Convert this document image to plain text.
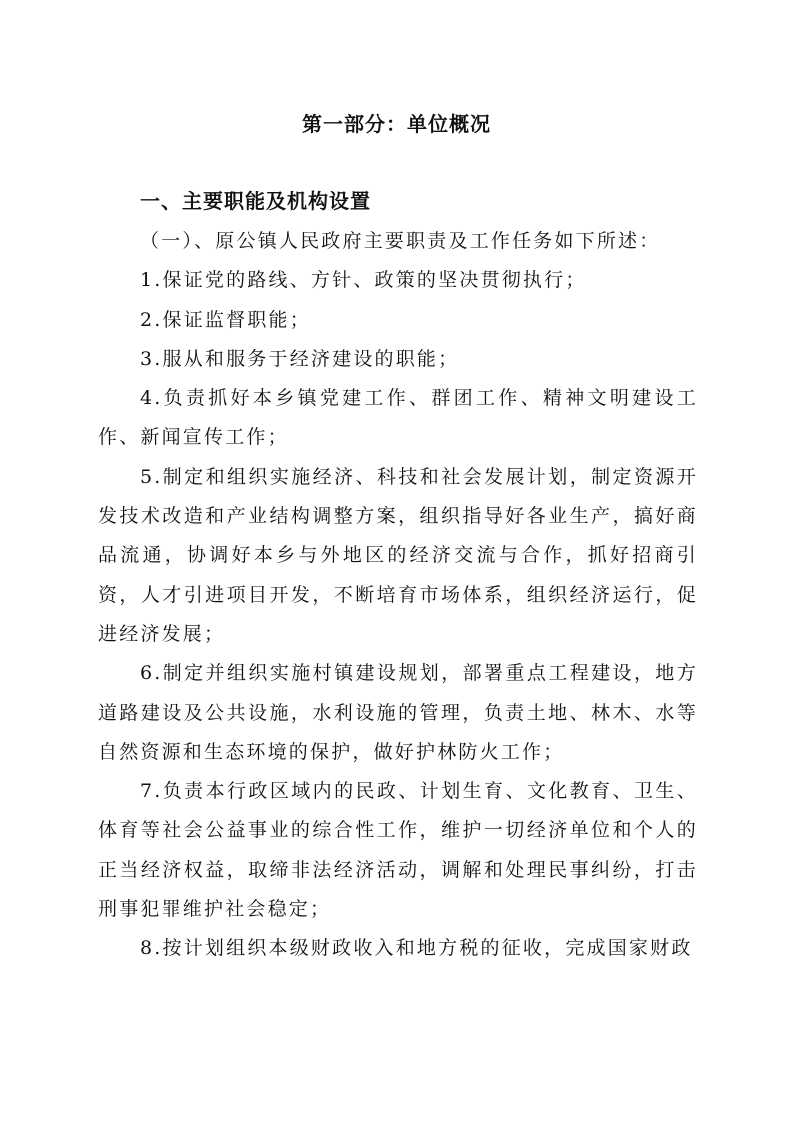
第一部分：单位概况
一、主要职能及机构设置

（一）、原公镇人民政府主要职责及工作任务如下所述：

1.保证党的路线、方针、政策的坚决贯彻执行；

2.保证监督职能；

3.服从和服务于经济建设的职能；

4.负责抓好本乡镇党建工作、群团工作、精神文明建设工作、新闻宣传工作；

5.制定和组织实施经济、科技和社会发展计划，制定资源开发技术改造和产业结构调整方案，组织指导好各业生产，搞好商品流通，协调好本乡与外地区的经济交流与合作，抓好招商引资，人才引进项目开发，不断培育市场体系，组织经济运行，促进经济发展；

6.制定并组织实施村镇建设规划，部署重点工程建设，地方道路建设及公共设施，水利设施的管理，负责土地、林木、水等自然资源和生态环境的保护，做好护林防火工作；

7.负责本行政区域内的民政、计划生育、文化教育、卫生、体育等社会公益事业的综合性工作，维护一切经济单位和个人的正当经济权益，取缔非法经济活动，调解和处理民事纠纷，打击刑事犯罪维护社会稳定；

8.按计划组织本级财政收入和地方税的征收，完成国家财政
